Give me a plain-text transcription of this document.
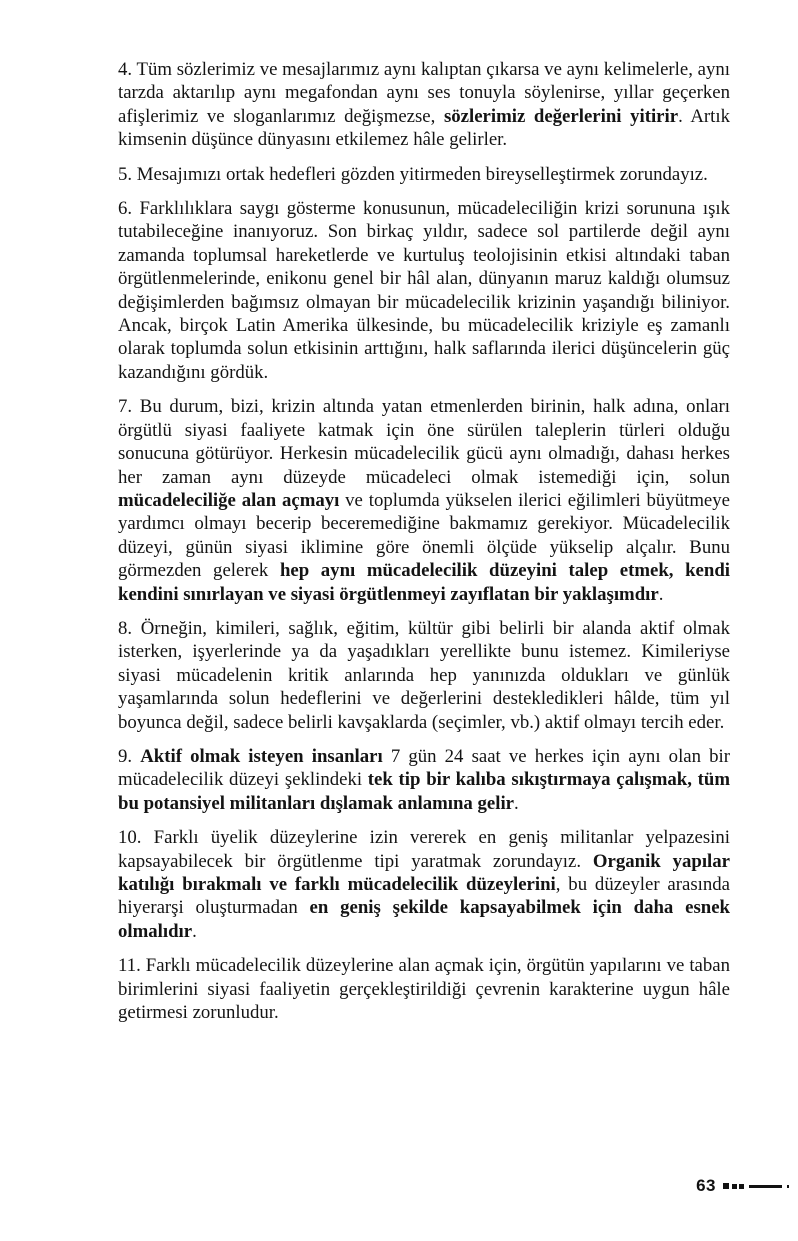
4. Tüm sözlerimiz ve mesajlarımız aynı kalıptan çıkarsa ve aynı kelimelerle, aynı tarzda aktarılıp aynı megafondan aynı ses tonuyla söylenirse, yıllar geçerken afişlerimiz ve sloganlarımız değişmezse, sözlerimiz değerlerini yitirir. Artık kimsenin düşünce dünyasını etkilemez hâle gelirler.

5. Mesajımızı ortak hedefleri gözden yitirmeden bireyselleştirmek zorundayız.

6. Farklılıklara saygı gösterme konusunun, mücadeleciliğin krizi sorununa ışık tutabileceğine inanıyoruz. Son birkaç yıldır, sadece sol partilerde değil aynı zamanda toplumsal hareketlerde ve kurtuluş teolojisinin etkisi altındaki taban örgütlenmelerinde, enikonu genel bir hâl alan, dünyanın maruz kaldığı olumsuz değişimlerden bağımsız olmayan bir mücadelecilik krizinin yaşandığı biliniyor. Ancak, birçok Latin Amerika ülkesinde, bu mücadelecilik kriziyle eş zamanlı olarak toplumda solun etkisinin arttığını, halk saflarında ilerici düşüncelerin güç kazandığını gördük.

7. Bu durum, bizi, krizin altında yatan etmenlerden birinin, halk adına, onları örgütlü siyasi faaliyete katmak için öne sürülen taleplerin türleri olduğu sonucuna götürüyor. Herkesin mücadelecilik gücü aynı olmadığı, dahası herkes her zaman aynı düzeyde mücadeleci olmak istemediği için, solun mücadeleciliğe alan açmayı ve toplumda yükselen ilerici eğilimleri büyütmeye yardımcı olmayı becerip beceremediğine bakmamız gerekiyor. Mücadelecilik düzeyi, günün siyasi iklimine göre önemli ölçüde yükselip alçalır. Bunu görmezden gelerek hep aynı mücadelecilik düzeyini talep etmek, kendi kendini sınırlayan ve siyasi örgütlenmeyi zayıflatan bir yaklaşımdır.

8. Örneğin, kimileri, sağlık, eğitim, kültür gibi belirli bir alanda aktif olmak isterken, işyerlerinde ya da yaşadıkları yerellikte bunu istemez. Kimileriyse siyasi mücadelenin kritik anlarında hep yanınızda oldukları ve günlük yaşamlarında solun hedeflerini ve değerlerini destekledikleri hâlde, tüm yıl boyunca değil, sadece belirli kavşaklarda (seçimler, vb.) aktif olmayı tercih eder.

9. Aktif olmak isteyen insanları 7 gün 24 saat ve herkes için aynı olan bir mücadelecilik düzeyi şeklindeki tek tip bir kalıba sıkıştırmaya çalışmak, tüm bu potansiyel militanları dışlamak anlamına gelir.

10. Farklı üyelik düzeylerine izin vererek en geniş militanlar yelpazesini kapsayabilecek bir örgütlenme tipi yaratmak zorundayız. Organik yapılar katılığı bırakmalı ve farklı mücadelecilik düzeylerini, bu düzeyler arasında hiyerarşi oluşturmadan en geniş şekilde kapsayabilmek için daha esnek olmalıdır.

11. Farklı mücadelecilik düzeylerine alan açmak için, örgütün yapılarını ve taban birimlerini siyasi faaliyetin gerçekleştirildiği çevrenin karakterine uygun hâle getirmesi zorunludur.

63
